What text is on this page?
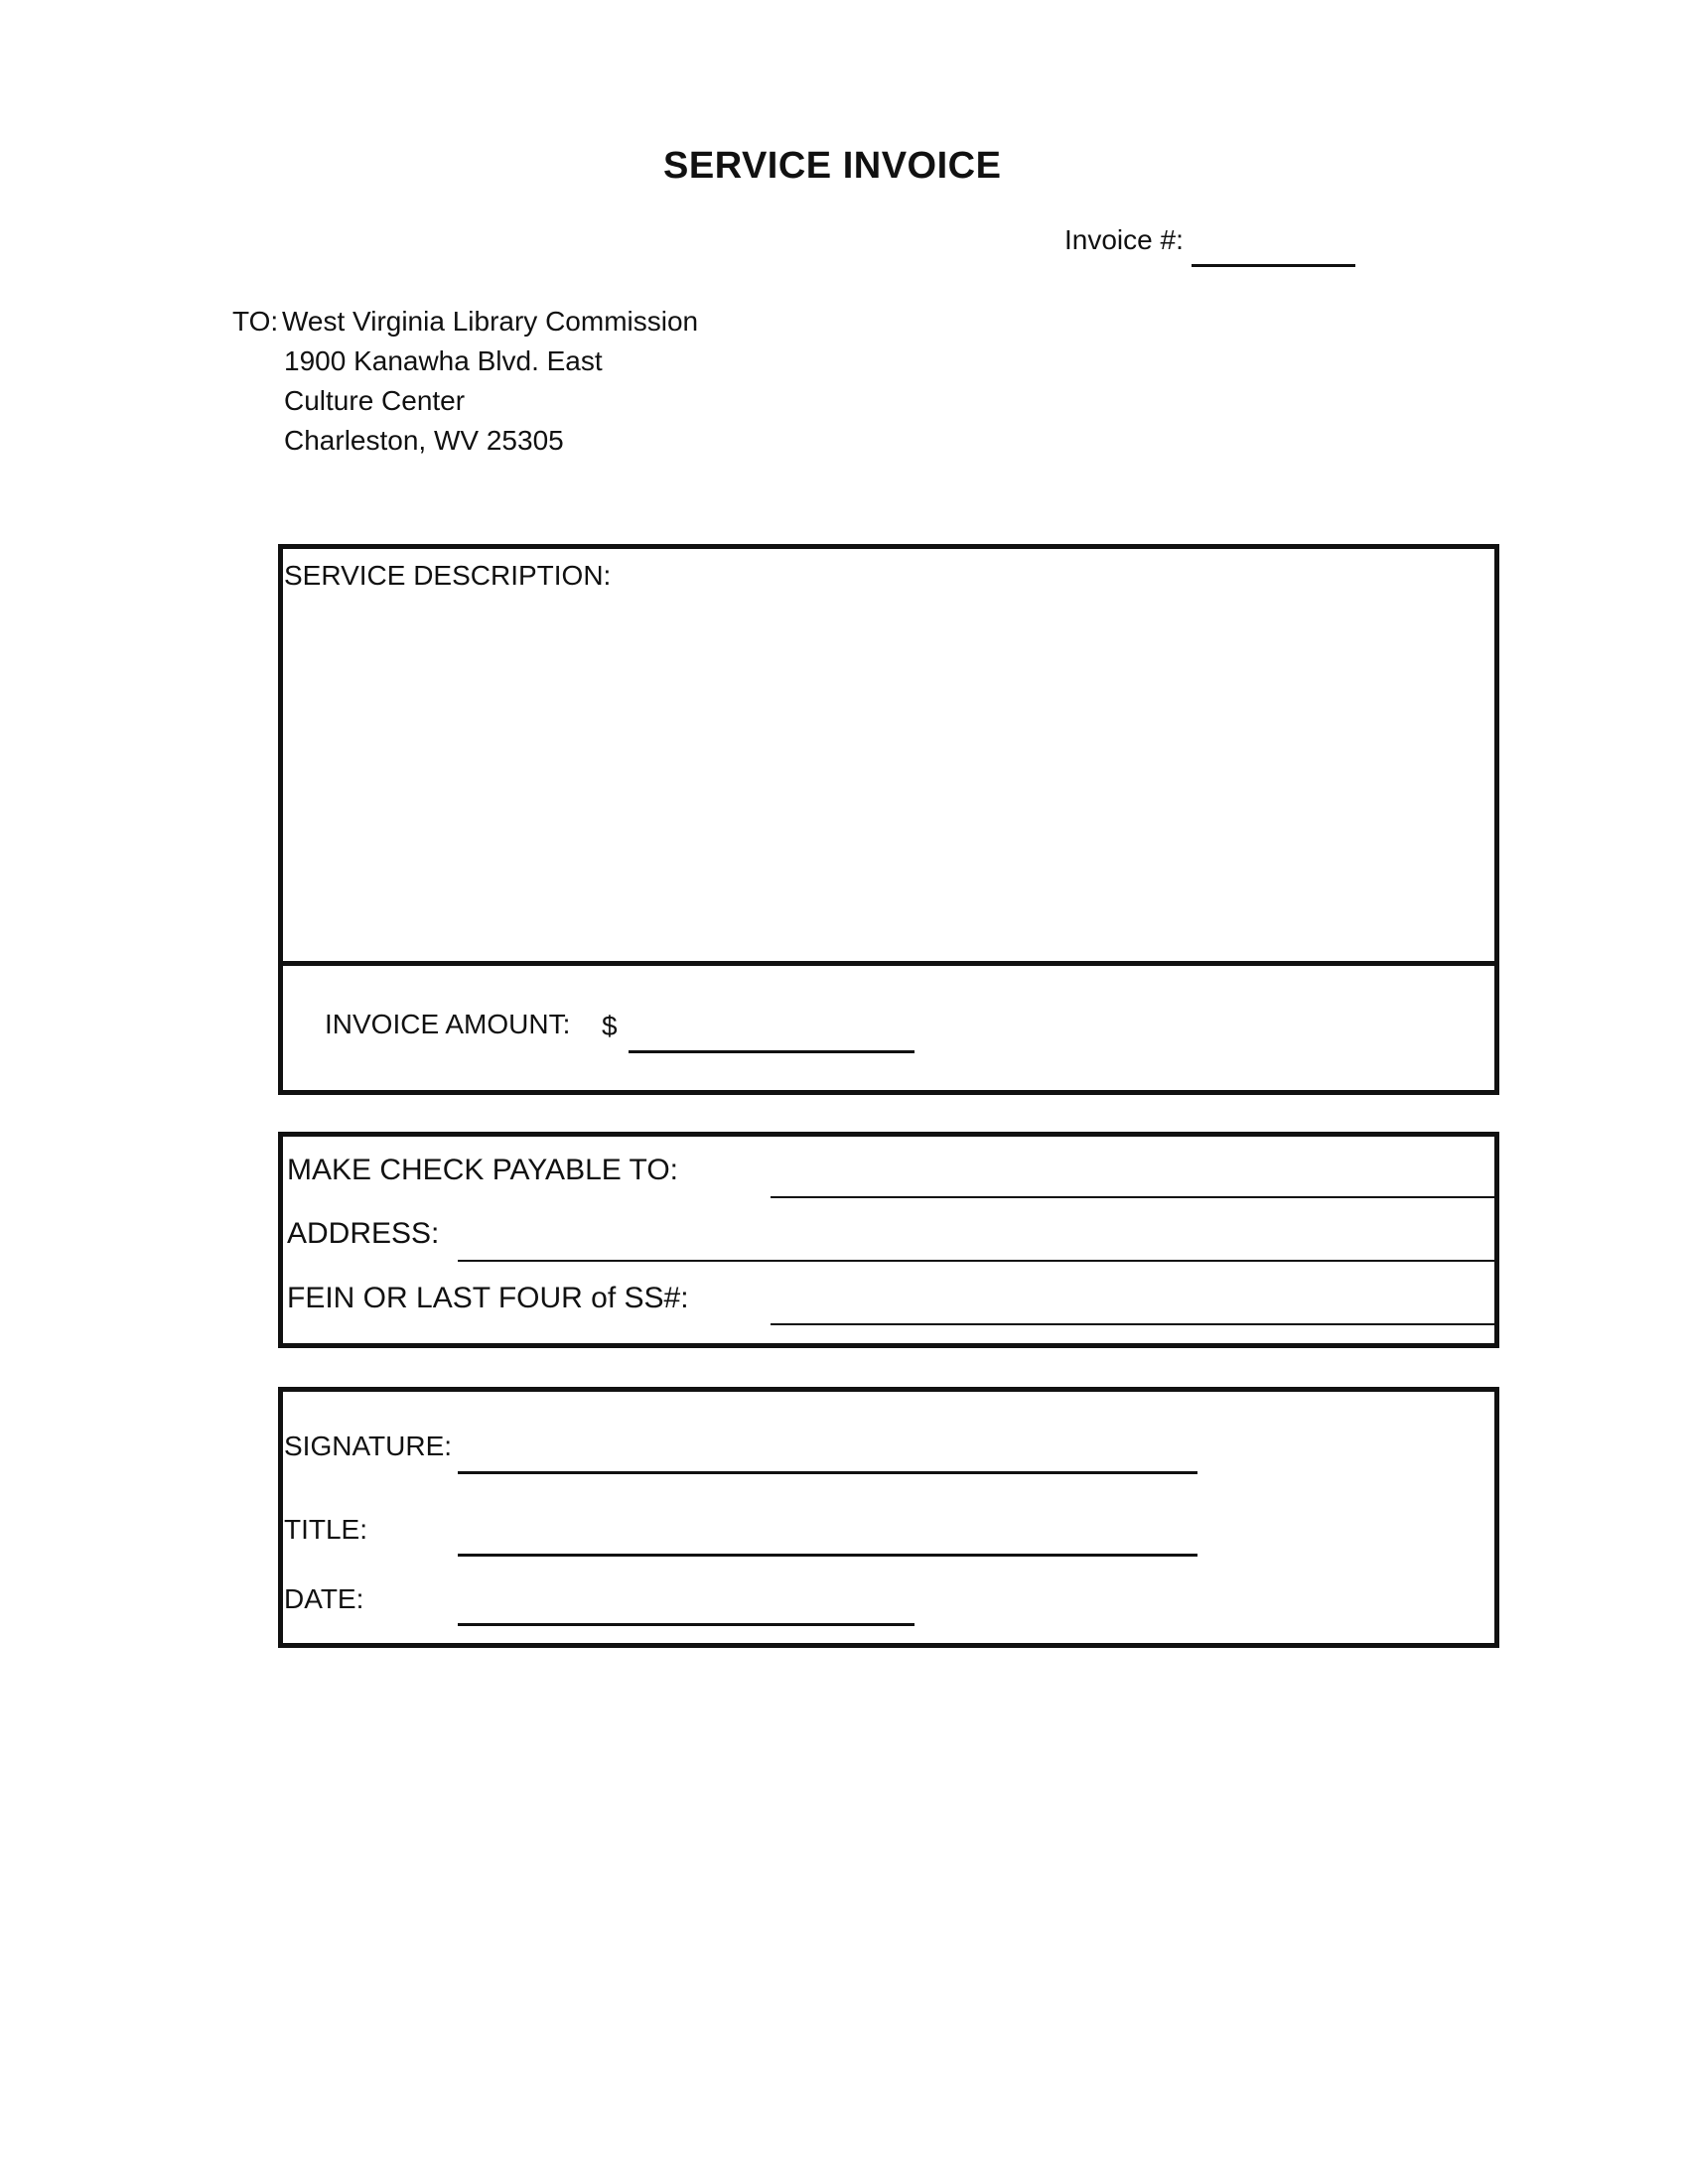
SERVICE INVOICE
Invoice #:
TO: West Virginia Library Commission
1900 Kanawha Blvd. East
Culture Center
Charleston, WV 25305
SERVICE DESCRIPTION:
INVOICE AMOUNT: $
MAKE CHECK PAYABLE TO:
ADDRESS:
FEIN OR LAST FOUR of SS#:
SIGNATURE:
TITLE:
DATE:
